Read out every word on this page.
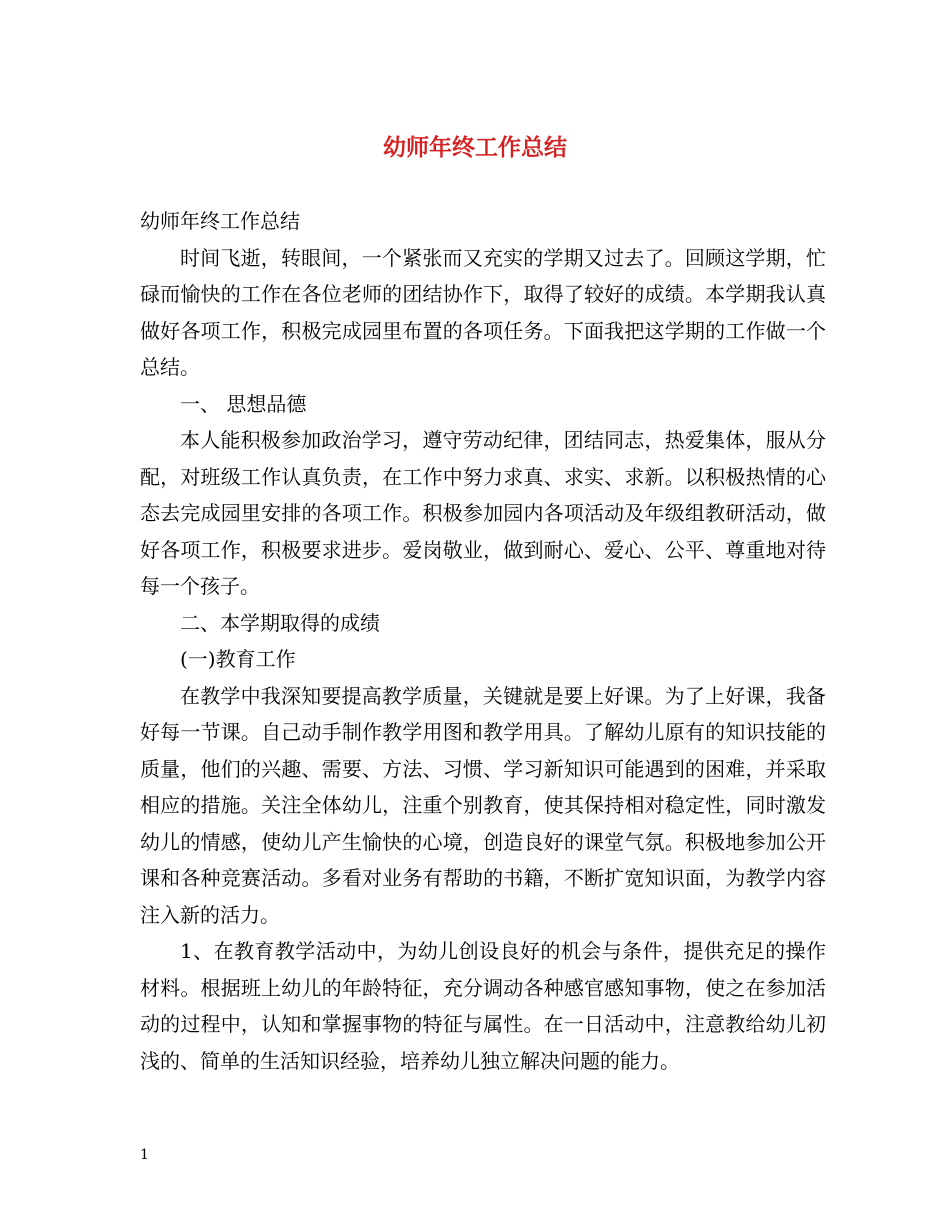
幼师年终工作总结

幼师年终工作总结

时间飞逝，转眼间，一个紧张而又充实的学期又过去了。回顾这学期，忙碌而愉快的工作在各位老师的团结协作下，取得了较好的成绩。本学期我认真做好各项工作，积极完成园里布置的各项任务。下面我把这学期的工作做一个总结。

一、 思想品德

本人能积极参加政治学习，遵守劳动纪律，团结同志，热爱集体，服从分配，对班级工作认真负责，在工作中努力求真、求实、求新。以积极热情的心态去完成园里安排的各项工作。积极参加园内各项活动及年级组教研活动，做好各项工作，积极要求进步。爱岗敬业，做到耐心、爱心、公平、尊重地对待每一个孩子。

二、本学期取得的成绩

(一)教育工作

在教学中我深知要提高教学质量，关键就是要上好课。为了上好课，我备好每一节课。自己动手制作教学用图和教学用具。了解幼儿原有的知识技能的质量，他们的兴趣、需要、方法、习惯、学习新知识可能遇到的困难，并采取相应的措施。关注全体幼儿，注重个别教育，使其保持相对稳定性，同时激发幼儿的情感，使幼儿产生愉快的心境，创造良好的课堂气氛。积极地参加公开课和各种竞赛活动。多看对业务有帮助的书籍，不断扩宽知识面，为教学内容注入新的活力。

1、在教育教学活动中，为幼儿创设良好的机会与条件，提供充足的操作材料。根据班上幼儿的年龄特征，充分调动各种感官感知事物，使之在参加活动的过程中，认知和掌握事物的特征与属性。在一日活动中，注意教给幼儿初浅的、简单的生活知识经验，培养幼儿独立解决问题的能力。

1
